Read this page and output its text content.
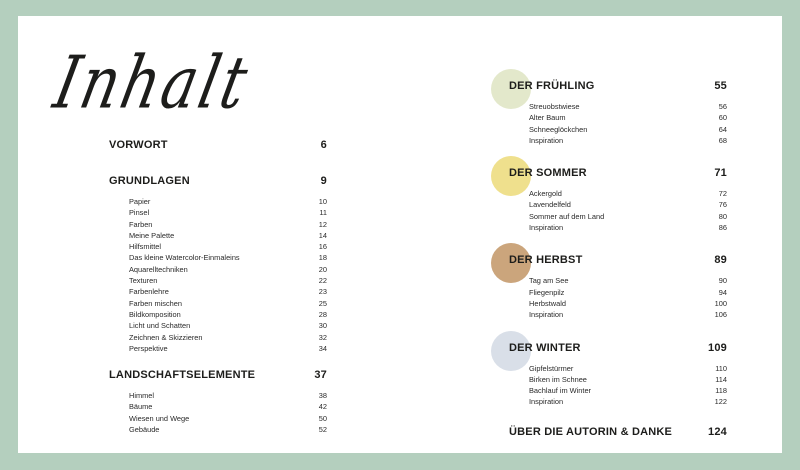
Inhalt
VORWORT	6
GRUNDLAGEN	9
Papier	10
Pinsel	11
Farben	12
Meine Palette	14
Hilfsmittel	16
Das kleine Watercolor-Einmaleins	18
Aquarelltechniken	20
Texturen	22
Farbenlehre	23
Farben mischen	25
Bildkomposition	28
Licht und Schatten	30
Zeichnen & Skizzieren	32
Perspektive	34
LANDSCHAFTSELEMENTE	37
Himmel	38
Bäume	42
Wiesen und Wege	50
Gebäude	52
DER FRÜHLING	55
Streuobstwiese	56
Alter Baum	60
Schneeglöckchen	64
Inspiration	68
DER SOMMER	71
Ackergold	72
Lavendelfeld	76
Sommer auf dem Land	80
Inspiration	86
DER HERBST	89
Tag am See	90
Fliegenpilz	94
Herbstwald	100
Inspiration	106
DER WINTER	109
Gipfelstürmer	110
Birken im Schnee	114
Bachlauf im Winter	118
Inspiration	122
ÜBER DIE AUTORIN & DANKE	124
